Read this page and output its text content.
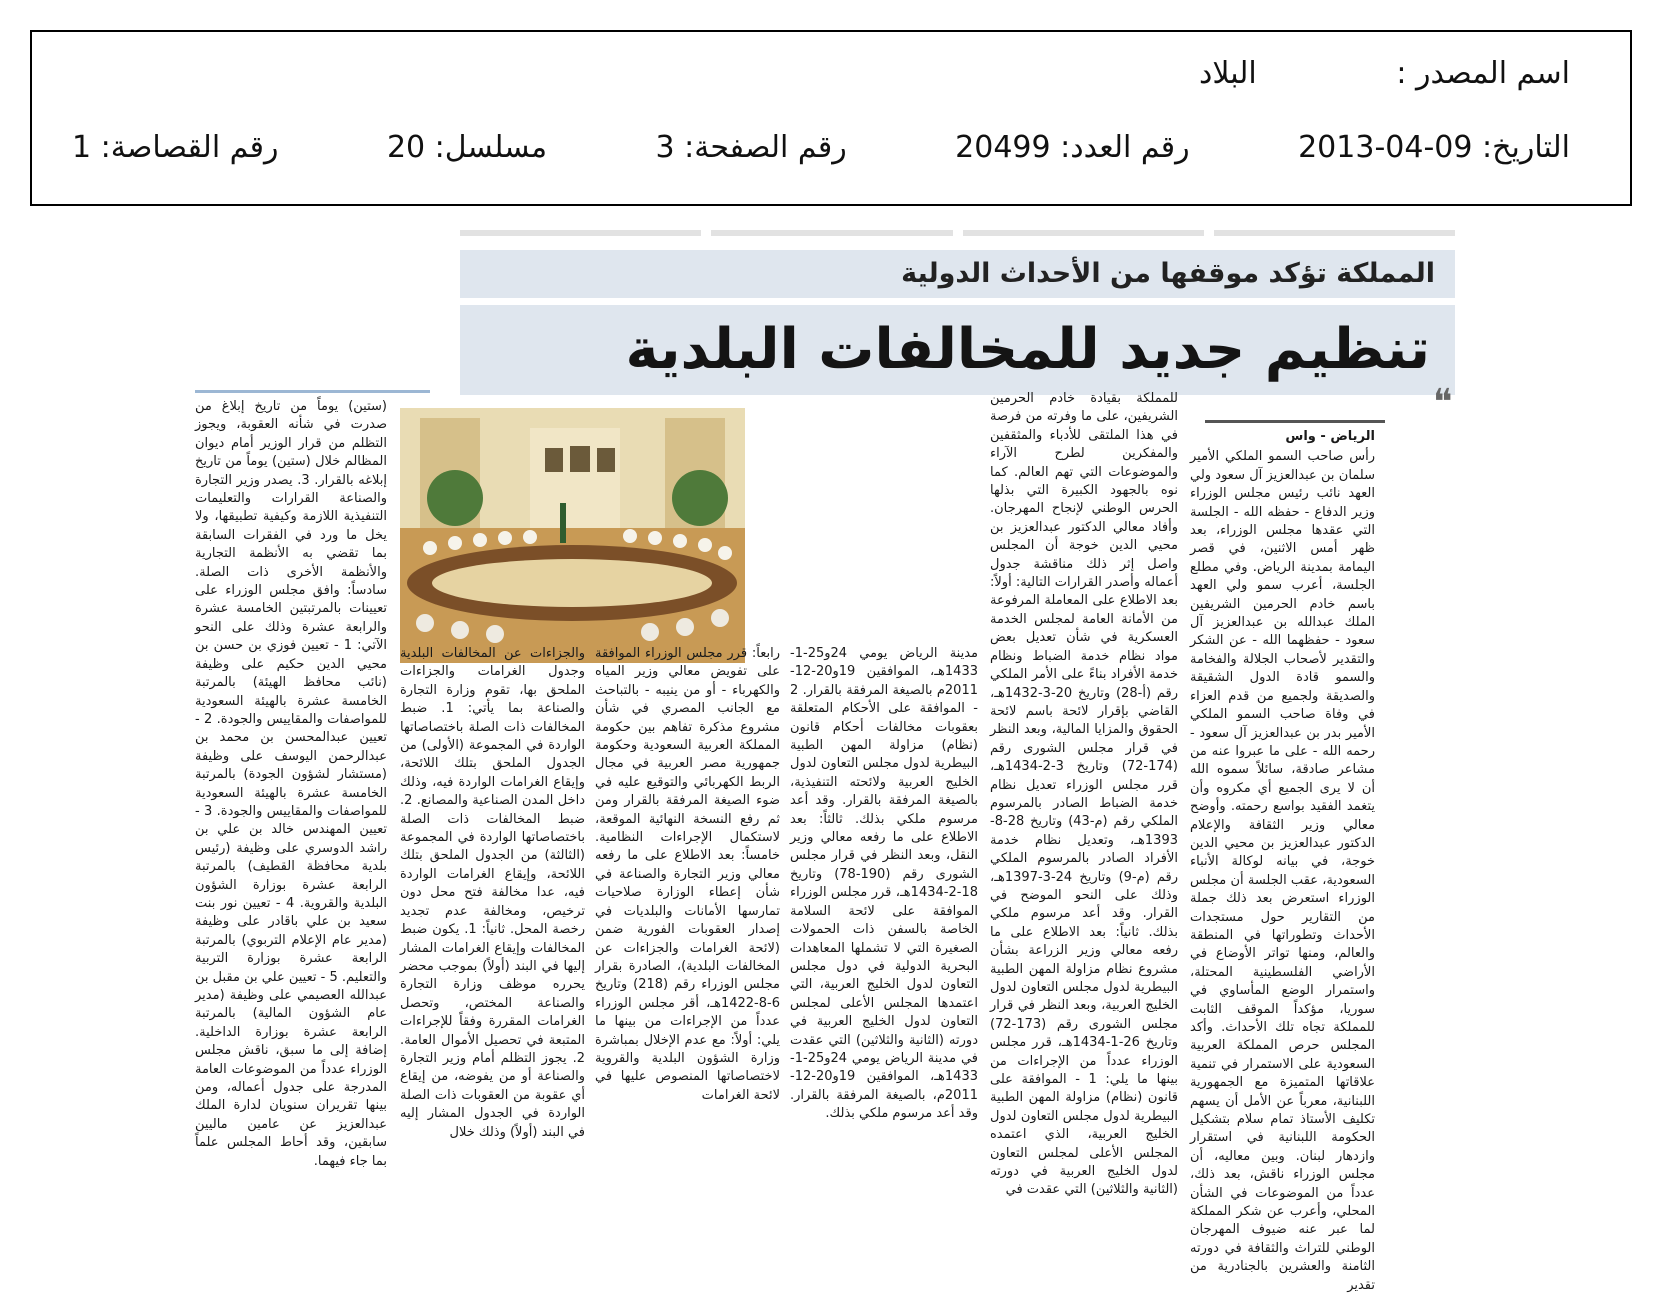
اسم المصدر : البلاد
التاريخ: 09-04-2013
رقم العدد: 20499
رقم الصفحة: 3
مسلسل: 20
رقم القصاصة: 1
المملكة تؤكد موقفها من الأحداث الدولية
تنظيم جديد للمخالفات البلدية
❝

الرياض - واس

رأس صاحب السمو الملكي الأمير سلمان بن عبدالعزيز آل سعود ولي العهد نائب رئيس مجلس الوزراء وزير الدفاع - حفظه الله - الجلسة التي عقدها مجلس الوزراء، بعد ظهر أمس الاثنين، في قصر اليمامة بمدينة الرياض. وفي مطلع الجلسة، أعرب سمو ولي العهد باسم خادم الحرمين الشريفين الملك عبدالله بن عبدالعزيز آل سعود - حفظهما الله - عن الشكر والتقدير لأصحاب الجلالة والفخامة والسمو قادة الدول الشقيقة والصديقة ولجميع من قدم العزاء في وفاة صاحب السمو الملكي الأمير بدر بن عبدالعزيز آل سعود - رحمه الله - على ما عبروا عنه من مشاعر صادقة، سائلاً سموه الله أن لا يرى الجميع أي مكروه وأن يتغمد الفقيد بواسع رحمته. وأوضح معالي وزير الثقافة والإعلام الدكتور عبدالعزيز بن محيي الدين خوجة، في بيانه لوكالة الأنباء السعودية، عقب الجلسة أن مجلس الوزراء استعرض بعد ذلك جملة من التقارير حول مستجدات الأحداث وتطوراتها في المنطقة والعالم، ومنها تواتر الأوضاع في الأراضي الفلسطينية المحتلة، واستمرار الوضع المأساوي في سوريا، مؤكداً الموقف الثابت للمملكة تجاه تلك الأحداث. وأكد المجلس حرص المملكة العربية السعودية على الاستمرار في تنمية علاقاتها المتميزة مع الجمهورية اللبنانية، معرباً عن الأمل أن يسهم تكليف الأستاذ تمام سلام بتشكيل الحكومة اللبنانية في استقرار وازدهار لبنان. وبين معاليه، أن مجلس الوزراء ناقش، بعد ذلك، عدداً من الموضوعات في الشأن المحلي، وأعرب عن شكر المملكة لما عبر عنه ضيوف المهرجان الوطني للتراث والثقافة في دورته الثامنة والعشرين بالجنادرية من تقدير

للمملكة بقيادة خادم الحرمين الشريفين، على ما وفرته من فرصة في هذا الملتقى للأدباء والمثقفين والمفكرين لطرح الآراء والموضوعات التي تهم العالم. كما نوه بالجهود الكبيرة التي بذلها الحرس الوطني لإنجاح المهرجان. وأفاد معالي الدكتور عبدالعزيز بن محيي الدين خوجة أن المجلس واصل إثر ذلك مناقشة جدول أعماله وأصدر القرارات التالية: أولاً: بعد الاطلاع على المعاملة المرفوعة من الأمانة العامة لمجلس الخدمة العسكرية في شأن تعديل بعض مواد نظام خدمة الضباط ونظام خدمة الأفراد بناءً على الأمر الملكي رقم (أ-28) وتاريخ 20-3-1432هـ، القاضي بإقرار لائحة باسم لائحة الحقوق والمزايا المالية، وبعد النظر في قرار مجلس الشورى رقم (174-72) وتاريخ 3-2-1434هـ، قرر مجلس الوزراء تعديل نظام خدمة الضباط الصادر بالمرسوم الملكي رقم (م-43) وتاريخ 28-8-1393هـ، وتعديل نظام خدمة الأفراد الصادر بالمرسوم الملكي رقم (م-9) وتاريخ 24-3-1397هـ، وذلك على النحو الموضح في القرار. وقد أعد مرسوم ملكي بذلك. ثانياً: بعد الاطلاع على ما رفعه معالي وزير الزراعة بشأن مشروع نظام مزاولة المهن الطبية البيطرية لدول مجلس التعاون لدول الخليج العربية، وبعد النظر في قرار مجلس الشورى رقم (173-72) وتاريخ 26-1-1434هـ، قرر مجلس الوزراء عدداً من الإجراءات من بينها ما يلي: 1 - الموافقة على قانون (نظام) مزاولة المهن الطبية البيطرية لدول مجلس التعاون لدول الخليج العربية، الذي اعتمده المجلس الأعلى لمجلس التعاون لدول الخليج العربية في دورته (الثانية والثلاثين) التي عقدت في

مدينة الرياض يومي 24و25-1-1433هـ، الموافقين 19و20-12-2011م بالصيغة المرفقة بالقرار. 2 - الموافقة على الأحكام المتعلقة بعقوبات مخالفات أحكام قانون (نظام) مزاولة المهن الطبية البيطرية لدول مجلس التعاون لدول الخليج العربية ولائحته التنفيذية، بالصيغة المرفقة بالقرار. وقد أعد مرسوم ملكي بذلك. ثالثاً: بعد الاطلاع على ما رفعه معالي وزير النقل، وبعد النظر في قرار مجلس الشورى رقم (190-78) وتاريخ 18-2-1434هـ، قرر مجلس الوزراء الموافقة على لائحة السلامة الخاصة بالسفن ذات الحمولات الصغيرة التي لا تشملها المعاهدات البحرية الدولية في دول مجلس التعاون لدول الخليج العربية، التي اعتمدها المجلس الأعلى لمجلس التعاون لدول الخليج العربية في دورته (الثانية والثلاثين) التي عقدت في مدينة الرياض يومي 24و25-1-1433هـ، الموافقين 19و20-12-2011م، بالصيغة المرفقة بالقرار. وقد أعد مرسوم ملكي بذلك.

رابعاً: قرر مجلس الوزراء الموافقة على تفويض معالي وزير المياه والكهرباء - أو من ينيبه - بالتباحث مع الجانب المصري في شأن مشروع مذكرة تفاهم بين حكومة المملكة العربية السعودية وحكومة جمهورية مصر العربية في مجال الربط الكهربائي والتوقيع عليه في ضوء الصيغة المرفقة بالقرار ومن ثم رفع النسخة النهائية الموقعة، لاستكمال الإجراءات النظامية. خامساً: بعد الاطلاع على ما رفعه معالي وزير التجارة والصناعة في شأن إعطاء الوزارة صلاحيات تمارسها الأمانات والبلديات في إصدار العقوبات الفورية ضمن (لائحة الغرامات والجزاءات عن المخالفات البلدية)، الصادرة بقرار مجلس الوزراء رقم (218) وتاريخ 6-8-1422هـ، أقر مجلس الوزراء عدداً من الإجراءات من بينها ما يلي: أولاً: مع عدم الإخلال بمباشرة وزارة الشؤون البلدية والقروية لاختصاصاتها المنصوص عليها في لائحة الغرامات

والجزاءات عن المخالفات البلدية وجدول الغرامات والجزاءات الملحق بها، تقوم وزارة التجارة والصناعة بما يأتي: 1. ضبط المخالفات ذات الصلة باختصاصاتها الواردة في المجموعة (الأولى) من الجدول الملحق بتلك اللائحة، وإيقاع الغرامات الواردة فيه، وذلك داخل المدن الصناعية والمصانع. 2. ضبط المخالفات ذات الصلة باختصاصاتها الواردة في المجموعة (الثالثة) من الجدول الملحق بتلك اللائحة، وإيقاع الغرامات الواردة فيه، عدا مخالفة فتح محل دون ترخيص، ومخالفة عدم تجديد رخصة المحل. ثانياً: 1. يكون ضبط المخالفات وإيقاع الغرامات المشار إليها في البند (أولاً) بموجب محضر يحرره موظف وزارة التجارة والصناعة المختص، وتحصل الغرامات المقررة وفقاً للإجراءات المتبعة في تحصيل الأموال العامة. 2. يجوز التظلم أمام وزير التجارة والصناعة أو من يفوضه، من إيقاع أي عقوبة من العقوبات ذات الصلة الواردة في الجدول المشار إليه في البند (أولاً) وذلك خلال

(ستين) يوماً من تاريخ إبلاغ من صدرت في شأنه العقوبة، ويجوز التظلم من قرار الوزير أمام ديوان المظالم خلال (ستين) يوماً من تاريخ إبلاغه بالقرار. 3. يصدر وزير التجارة والصناعة القرارات والتعليمات التنفيذية اللازمة وكيفية تطبيقها، ولا يخل ما ورد في الفقرات السابقة بما تقضي به الأنظمة التجارية والأنظمة الأخرى ذات الصلة. سادساً: وافق مجلس الوزراء على تعيينات بالمرتبتين الخامسة عشرة والرابعة عشرة وذلك على النحو الآتي: 1 - تعيين فوزي بن حسن بن محيي الدين حكيم على وظيفة (نائب محافظ الهيئة) بالمرتبة الخامسة عشرة بالهيئة السعودية للمواصفات والمقاييس والجودة. 2 - تعيين عبدالمحسن بن محمد بن عبدالرحمن اليوسف على وظيفة (مستشار لشؤون الجودة) بالمرتبة الخامسة عشرة بالهيئة السعودية للمواصفات والمقاييس والجودة. 3 - تعيين المهندس خالد بن علي بن راشد الدوسري على وظيفة (رئيس بلدية محافظة القطيف) بالمرتبة الرابعة عشرة بوزارة الشؤون البلدية والقروية. 4 - تعيين نور بنت سعيد بن علي باقادر على وظيفة (مدير عام الإعلام التربوي) بالمرتبة الرابعة عشرة بوزارة التربية والتعليم. 5 - تعيين علي بن مقبل بن عبدالله العصيمي على وظيفة (مدير عام الشؤون المالية) بالمرتبة الرابعة عشرة بوزارة الداخلية. إضافة إلى ما سبق، ناقش مجلس الوزراء عدداً من الموضوعات العامة المدرجة على جدول أعماله، ومن بينها تقريران سنويان لدارة الملك عبدالعزيز عن عامين ماليين سابقين، وقد أحاط المجلس علماً بما جاء فيهما.
